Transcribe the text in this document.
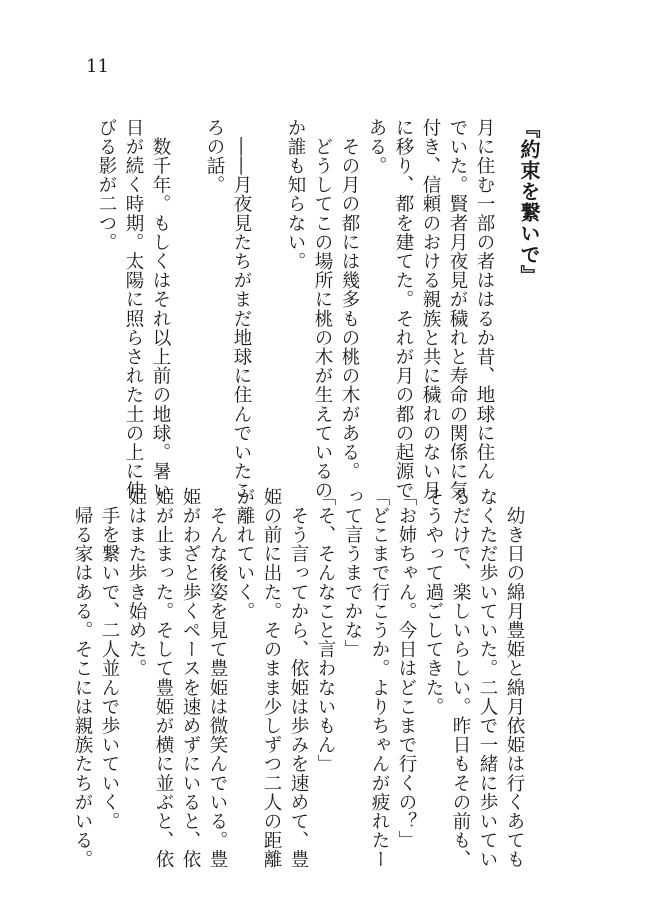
11
『約束を繋いで』
月に住む一部の者ははるか昔、地球に住ん
でいた。賢者月夜見が穢れと寿命の関係に気
付き、信頼のおける親族と共に穢れのない月
に移り、都を建てた。それが月の都の起源で
ある。
　その月の都には幾多もの桃の木がある。
　どうしてこの場所に桃の木が生えているの
か誰も知らない。

　――月夜見たちがまだ地球に住んでいたこ
ろの話。

　数千年。もしくはそれ以上前の地球。暑い
日が続く時期。太陽に照らされた土の上に伸
びる影が二つ。
　幼き日の綿月豊姫と綿月依姫は行くあても
なくただ歩いていた。二人で一緒に歩いてい
るだけで、楽しいらしい。昨日もその前も、
そうやって過ごしてきた。
「お姉ちゃん。今日はどこまで行くの？」
「どこまで行こうか。よりちゃんが疲れたー
って言うまでかな」
「そ、そんなこと言わないもん」
　そう言ってから、依姫は歩みを速めて、豊
姫の前に出た。そのまま少しずつ二人の距離
が離れていく。
　そんな後姿を見て豊姫は微笑んでいる。豊
姫がわざと歩くペースを速めずにいると、依
姫が止まった。そして豊姫が横に並ぶと、依
姫はまた歩き始めた。
　手を繋いで、二人並んで歩いていく。
　帰る家はある。そこには親族たちがいる。
